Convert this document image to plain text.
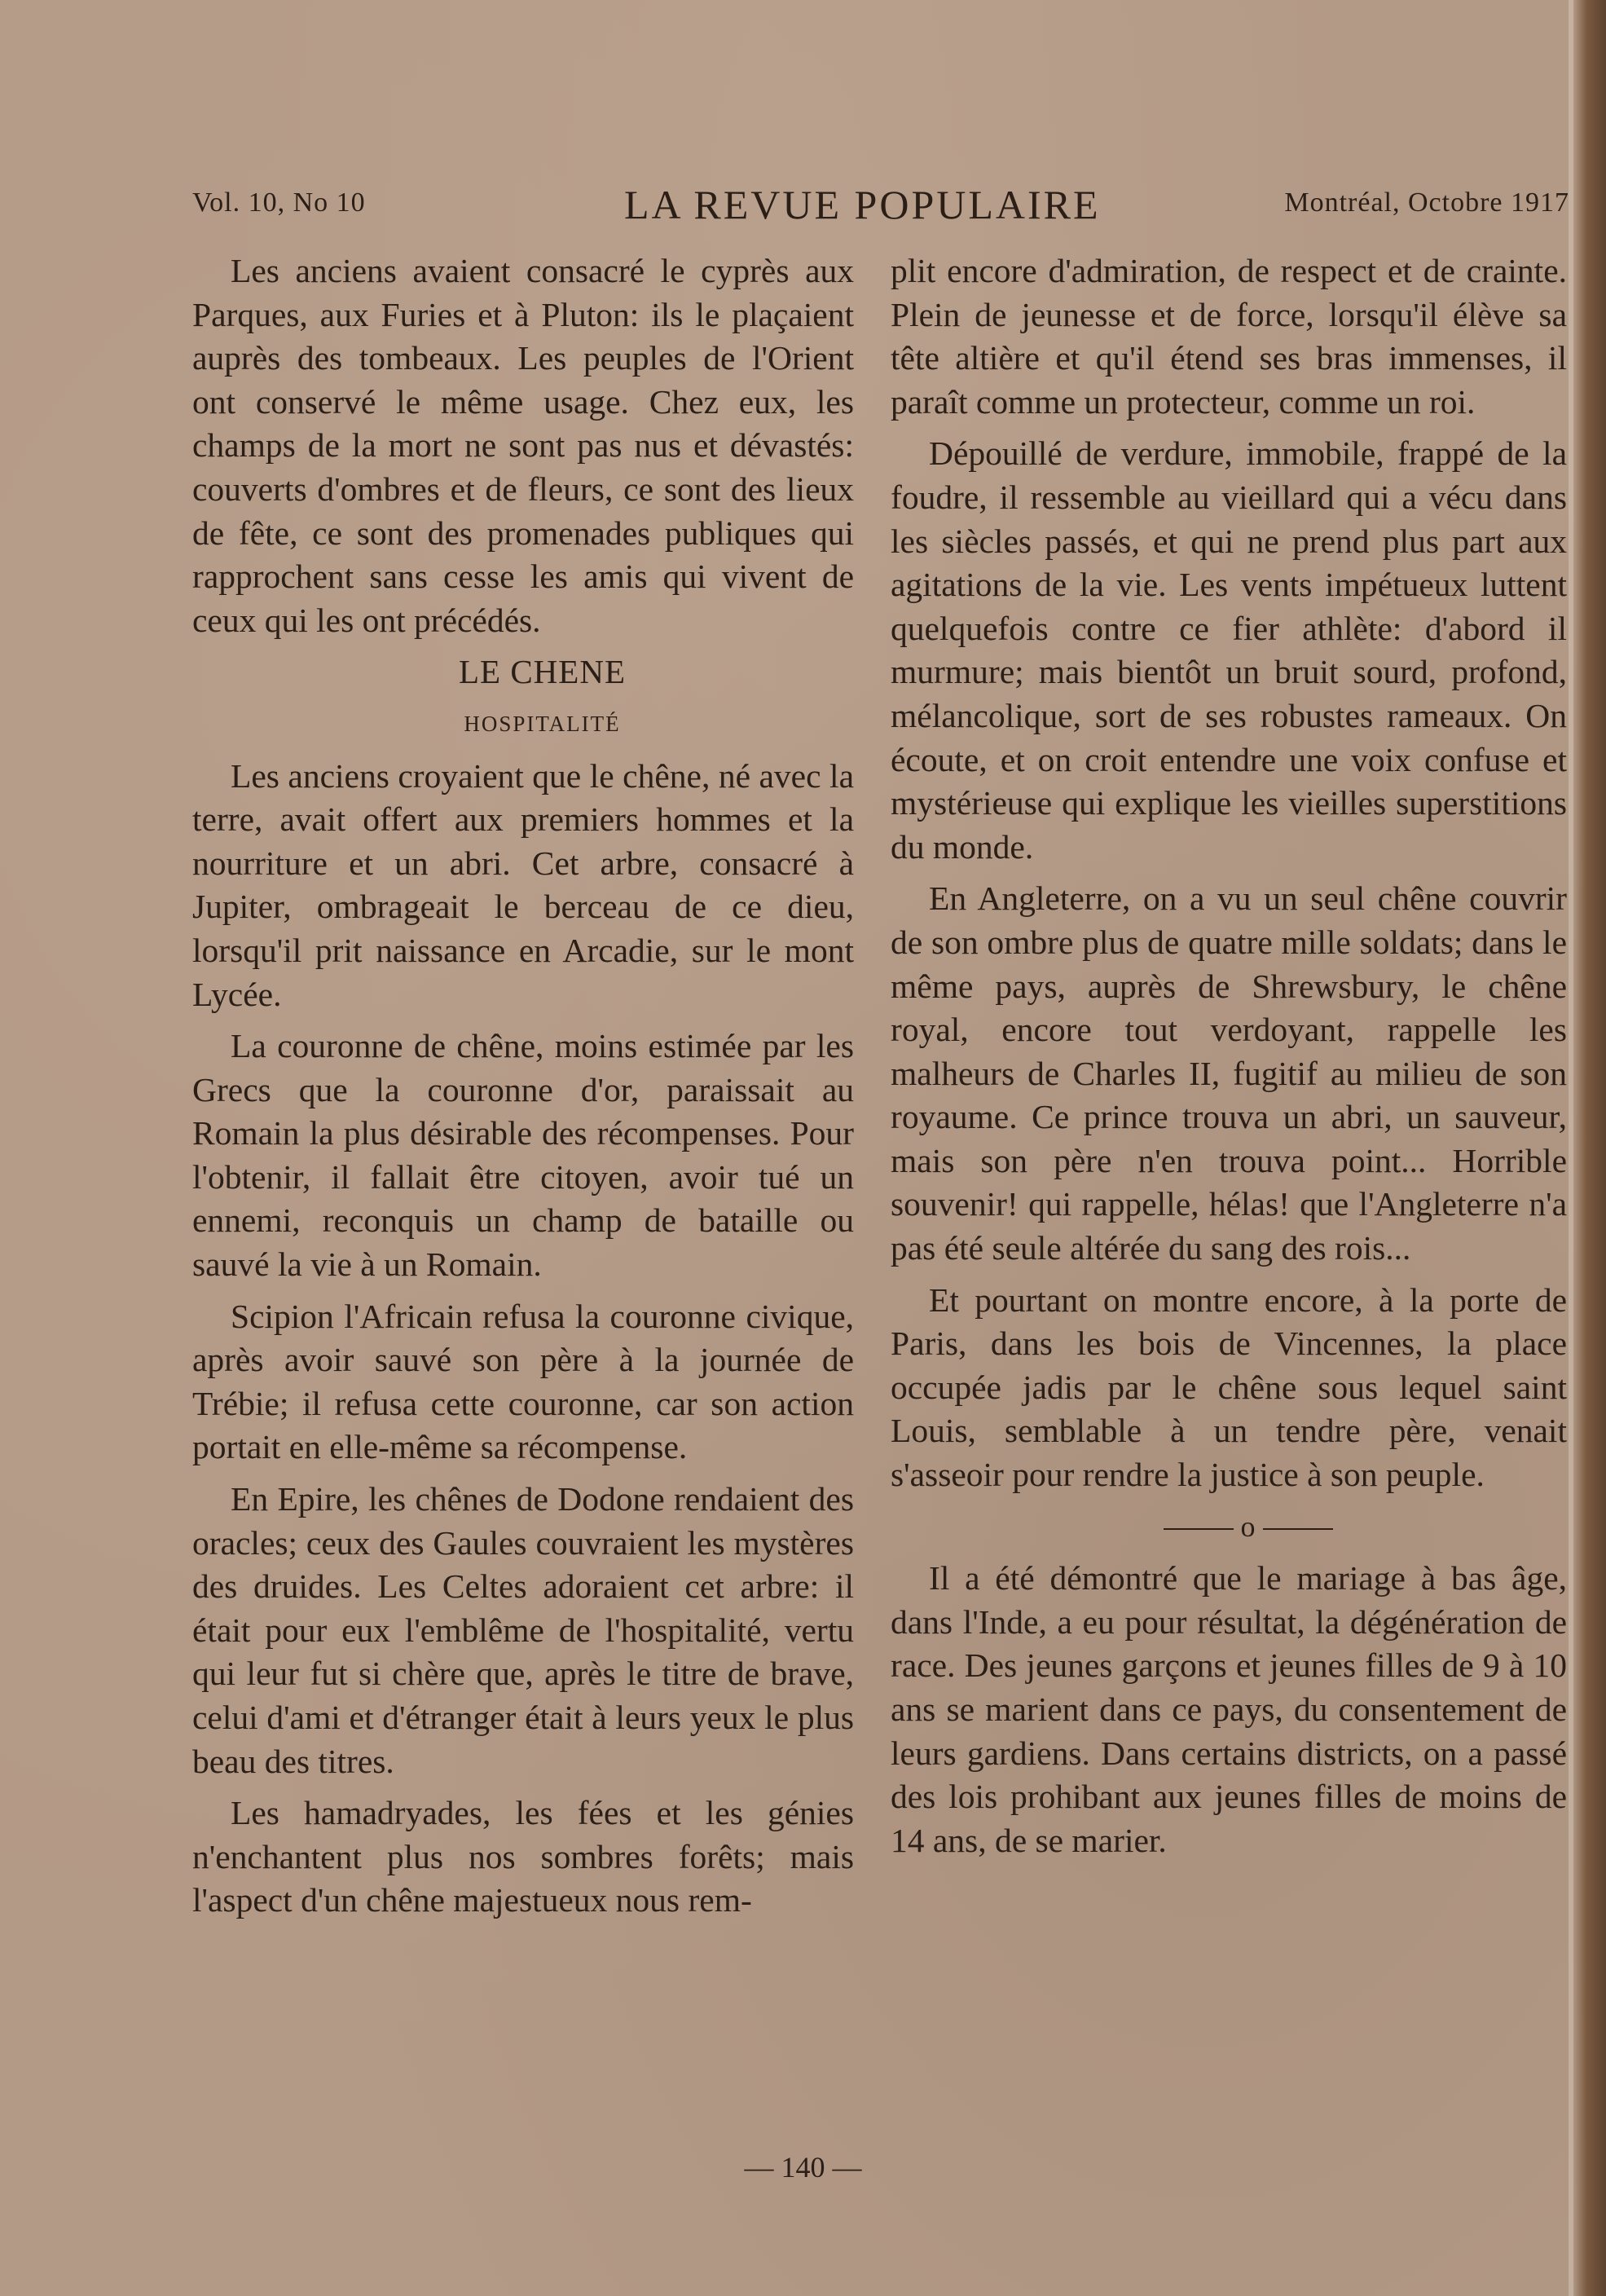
Vol. 10, No 10	LA REVUE POPULAIRE	Montréal, Octobre 1917

Les anciens avaient consacré le cyprès aux Parques, aux Furies et à Pluton: ils le plaçaient auprès des tombeaux. Les peuples de l'Orient ont conservé le même usage. Chez eux, les champs de la mort ne sont pas nus et dévastés: couverts d'ombres et de fleurs, ce sont des lieux de fête, ce sont des promenades publiques qui rapprochent sans cesse les amis qui vivent de ceux qui les ont précédés.

LE CHENE

HOSPITALITÉ

Les anciens croyaient que le chêne, né avec la terre, avait offert aux premiers hommes et la nourriture et un abri. Cet arbre, consacré à Jupiter, ombrageait le berceau de ce dieu, lorsqu'il prit naissance en Arcadie, sur le mont Lycée.

La couronne de chêne, moins estimée par les Grecs que la couronne d'or, paraissait au Romain la plus désirable des récompenses. Pour l'obtenir, il fallait être citoyen, avoir tué un ennemi, reconquis un champ de bataille ou sauvé la vie à un Romain.

Scipion l'Africain refusa la couronne civique, après avoir sauvé son père à la journée de Trébie; il refusa cette couronne, car son action portait en elle-même sa récompense.

En Epire, les chênes de Dodone rendaient des oracles; ceux des Gaules couvraient les mystères des druides. Les Celtes adoraient cet arbre: il était pour eux l'emblême de l'hospitalité, vertu qui leur fut si chère que, après le titre de brave, celui d'ami et d'étranger était à leurs yeux le plus beau des titres.

Les hamadryades, les fées et les génies n'enchantent plus nos sombres forêts; mais l'aspect d'un chêne majestueux nous rem-

plit encore d'admiration, de respect et de crainte. Plein de jeunesse et de force, lorsqu'il élève sa tête altière et qu'il étend ses bras immenses, il paraît comme un protecteur, comme un roi.

Dépouillé de verdure, immobile, frappé de la foudre, il ressemble au vieillard qui a vécu dans les siècles passés, et qui ne prend plus part aux agitations de la vie. Les vents impétueux luttent quelquefois contre ce fier athlète: d'abord il murmure; mais bientôt un bruit sourd, profond, mélancolique, sort de ses robustes rameaux. On écoute, et on croit entendre une voix confuse et mystérieuse qui explique les vieilles superstitions du monde.

En Angleterre, on a vu un seul chêne couvrir de son ombre plus de quatre mille soldats; dans le même pays, auprès de Shrewsbury, le chêne royal, encore tout verdoyant, rappelle les malheurs de Charles II, fugitif au milieu de son royaume. Ce prince trouva un abri, un sauveur, mais son père n'en trouva point... Horrible souvenir! qui rappelle, hélas! que l'Angleterre n'a pas été seule altérée du sang des rois...

Et pourtant on montre encore, à la porte de Paris, dans les bois de Vincennes, la place occupée jadis par le chêne sous lequel saint Louis, semblable à un tendre père, venait s'asseoir pour rendre la justice à son peuple.

o

Il a été démontré que le mariage à bas âge, dans l'Inde, a eu pour résultat, la dégénération de race. Des jeunes garçons et jeunes filles de 9 à 10 ans se marient dans ce pays, du consentement de leurs gardiens. Dans certains districts, on a passé des lois prohibant aux jeunes filles de moins de 14 ans, de se marier.

— 140 —
